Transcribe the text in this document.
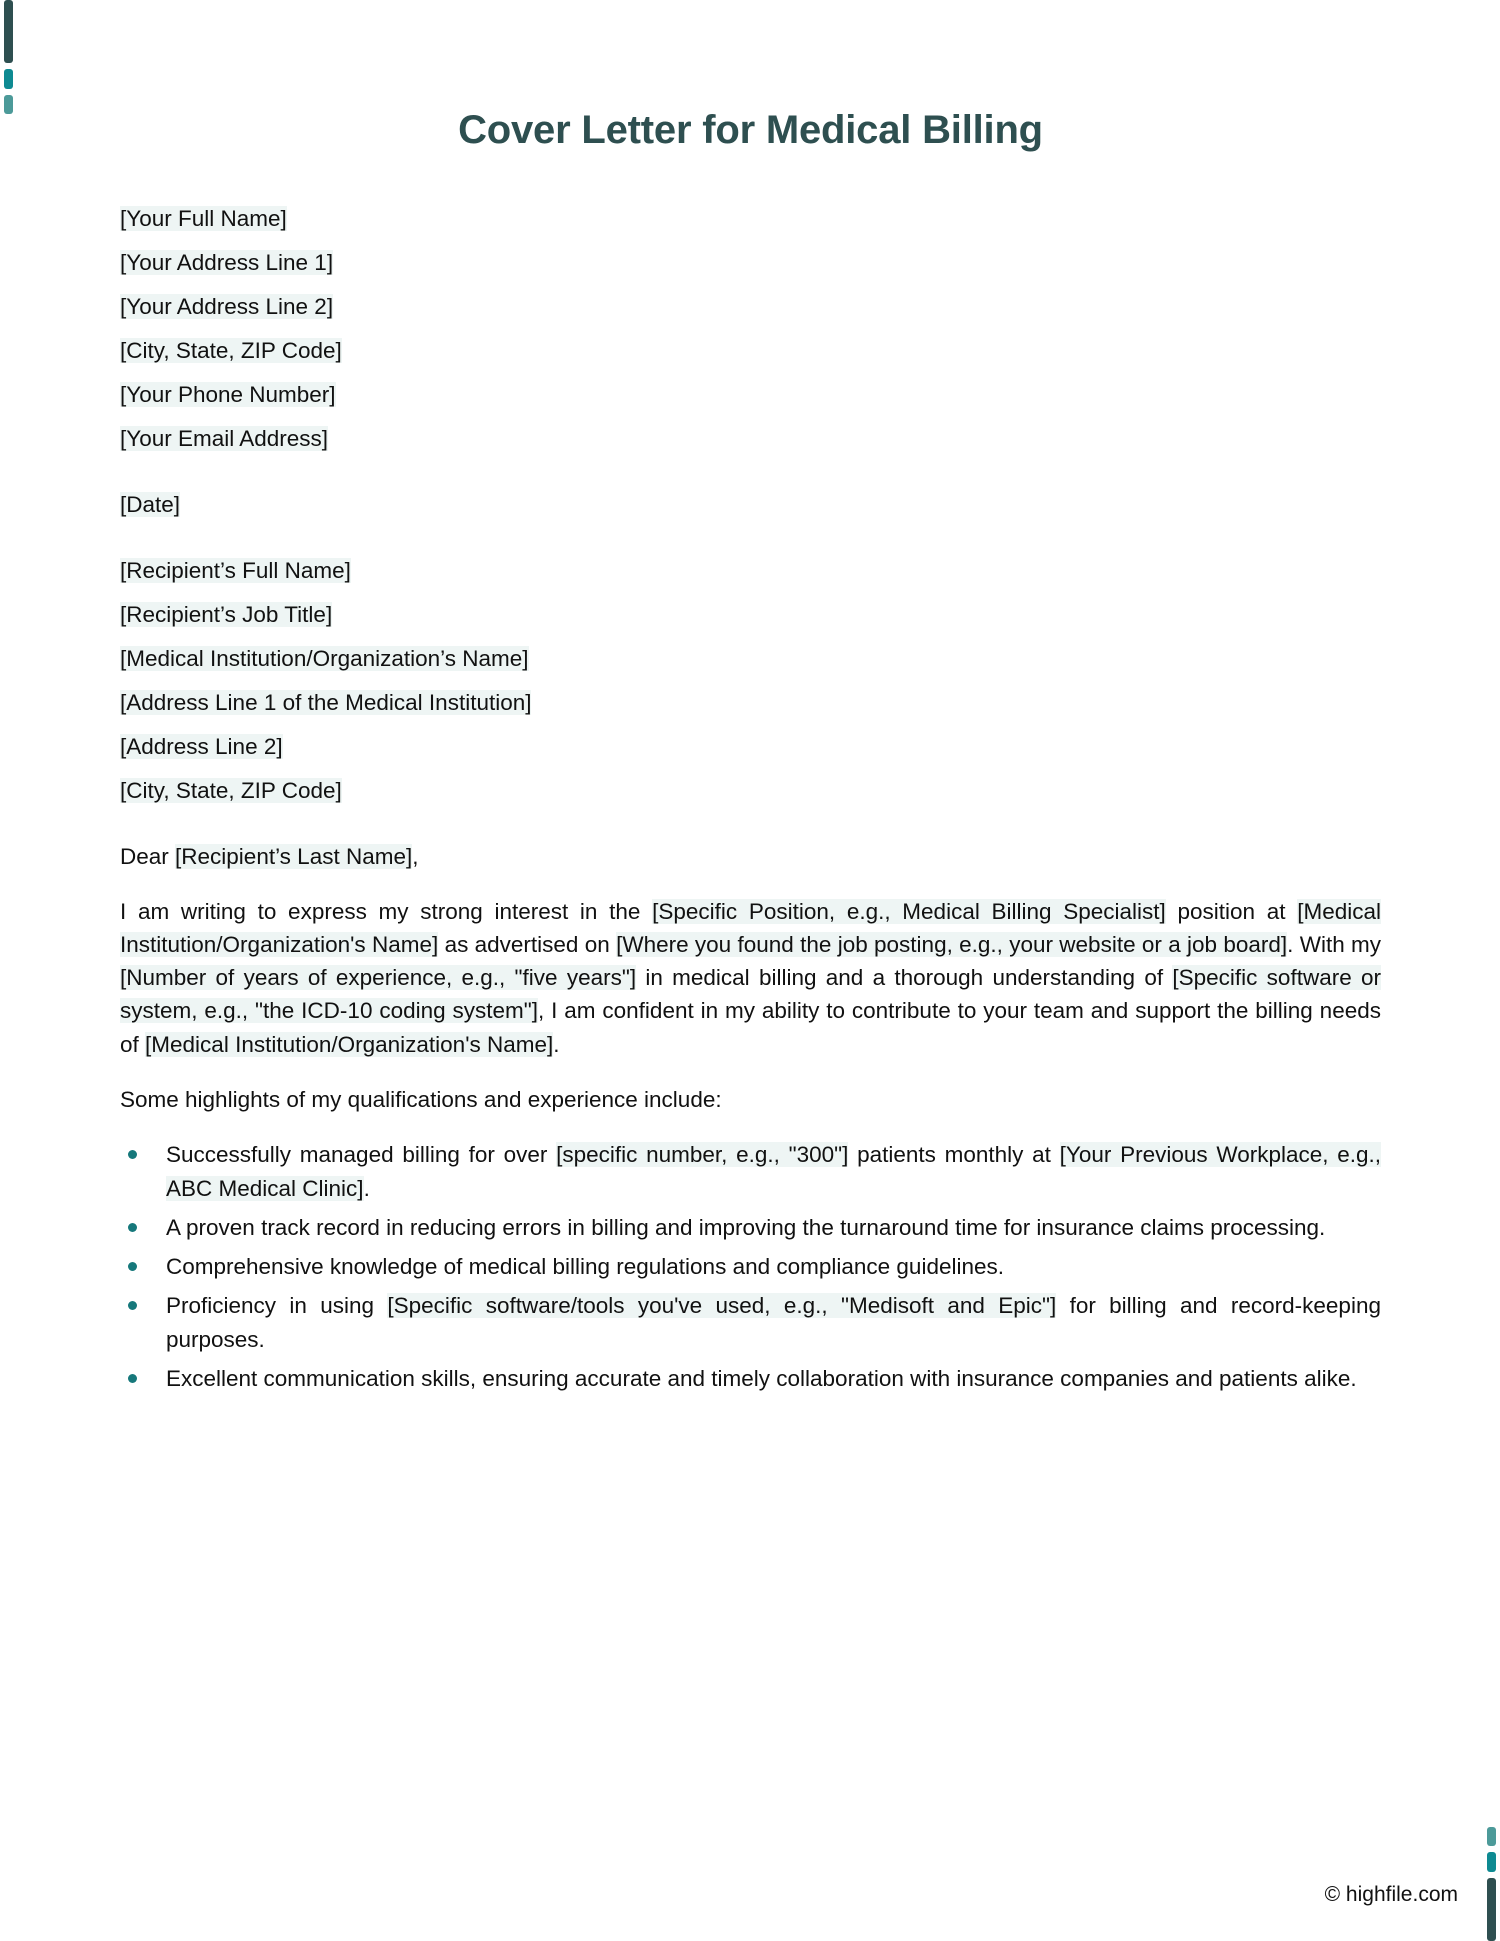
Cover Letter for Medical Billing
[Your Full Name]
[Your Address Line 1]
[Your Address Line 2]
[City, State, ZIP Code]
[Your Phone Number]
[Your Email Address]
[Date]
[Recipient’s Full Name]
[Recipient’s Job Title]
[Medical Institution/Organization’s Name]
[Address Line 1 of the Medical Institution]
[Address Line 2]
[City, State, ZIP Code]
Dear [Recipient’s Last Name],

I am writing to express my strong interest in the [Specific Position, e.g., Medical Billing Specialist] position at [Medical Institution/Organization's Name] as advertised on [Where you found the job posting, e.g., your website or a job board]. With my [Number of years of experience, e.g., "five years"] in medical billing and a thorough understanding of [Specific software or system, e.g., "the ICD-10 coding system"], I am confident in my ability to contribute to your team and support the billing needs of [Medical Institution/Organization's Name].

Some highlights of my qualifications and experience include:

Successfully managed billing for over [specific number, e.g., "300"] patients monthly at [Your Previous Workplace, e.g., ABC Medical Clinic].
A proven track record in reducing errors in billing and improving the turnaround time for insurance claims processing.
Comprehensive knowledge of medical billing regulations and compliance guidelines.
Proficiency in using [Specific software/tools you've used, e.g., "Medisoft and Epic"] for billing and record-keeping purposes.
Excellent communication skills, ensuring accurate and timely collaboration with insurance companies and patients alike.
© highfile.com
